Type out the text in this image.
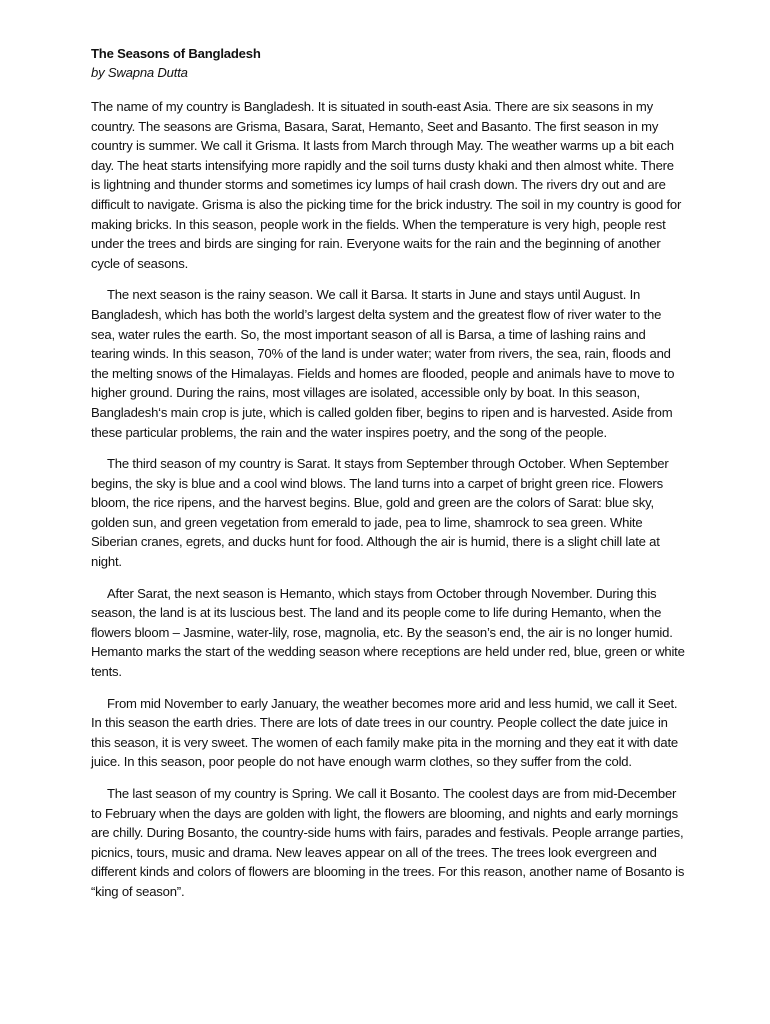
The Seasons of Bangladesh

by Swapna Dutta

The name of my country is Bangladesh. It is situated in south-east Asia. There are six seasons in my country. The seasons are Grisma, Basara, Sarat, Hemanto, Seet and Basanto. The first season in my country is summer. We call it Grisma. It lasts from March through May. The weather warms up a bit each day. The heat starts intensifying more rapidly and the soil turns dusty khaki and then almost white. There is lightning and thunder storms and sometimes icy lumps of hail crash down. The rivers dry out and are difficult to navigate. Grisma is also the picking time for the brick industry. The soil in my country is good for making bricks. In this season, people work in the fields. When the temperature is very high, people rest under the trees and birds are singing for rain. Everyone waits for the rain and the beginning of another cycle of seasons.

The next season is the rainy season. We call it Barsa. It starts in June and stays until August. In Bangladesh, which has both the world’s largest delta system and the greatest flow of river water to the sea, water rules the earth. So, the most important season of all is Barsa, a time of lashing rains and tearing winds. In this season, 70% of the land is under water; water from rivers, the sea, rain, floods and the melting snows of the Himalayas. Fields and homes are flooded, people and animals have to move to higher ground. During the rains, most villages are isolated, accessible only by boat. In this season, Bangladesh‘s main crop is jute, which is called golden fiber, begins to ripen and is harvested. Aside from these particular problems, the rain and the water inspires poetry, and the song of the people.

The third season of my country is Sarat. It stays from September through October. When September begins, the sky is blue and a cool wind blows. The land turns into a carpet of bright green rice. Flowers bloom, the rice ripens, and the harvest begins. Blue, gold and green are the colors of Sarat: blue sky, golden sun, and green vegetation from emerald to jade, pea to lime, shamrock to sea green. White Siberian cranes, egrets, and ducks hunt for food. Although the air is humid, there is a slight chill late at night.

After Sarat, the next season is Hemanto, which stays from October through November. During this season, the land is at its luscious best. The land and its people come to life during Hemanto, when the flowers bloom – Jasmine, water-lily, rose, magnolia, etc. By the season’s end, the air is no longer humid. Hemanto marks the start of the wedding season where receptions are held under red, blue, green or white tents.

From mid November to early January, the weather becomes more arid and less humid, we call it Seet. In this season the earth dries. There are lots of date trees in our country. People collect the date juice in this season, it is very sweet. The women of each family make pita in the morning and they eat it with date juice. In this season, poor people do not have enough warm clothes, so they suffer from the cold.

The last season of my country is Spring. We call it Bosanto. The coolest days are from mid-December to February when the days are golden with light, the flowers are blooming, and nights and early mornings are chilly. During Bosanto, the country-side hums with fairs, parades and festivals. People arrange parties, picnics, tours, music and drama. New leaves appear on all of the trees. The trees look evergreen and different kinds and colors of flowers are blooming in the trees. For this reason, another name of Bosanto is “king of season”.
